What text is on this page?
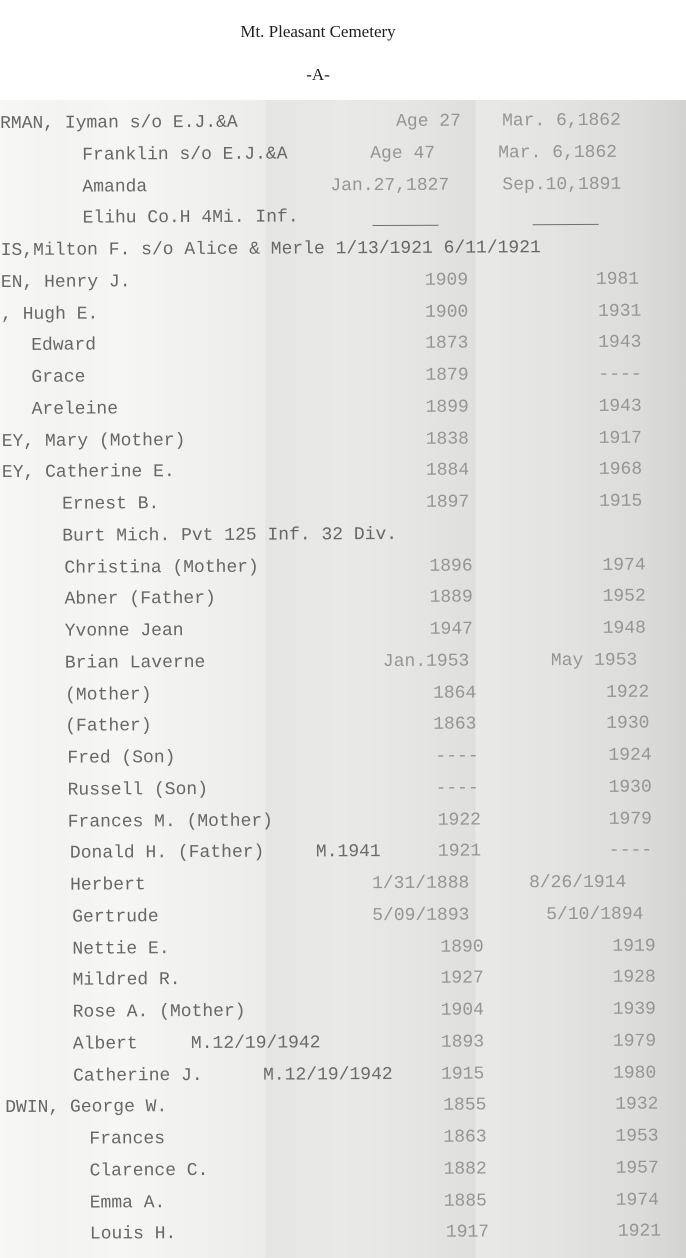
Mt. Pleasant Cemetery
-A-
RMAN, Iyman s/o E.J.&A	Age 27 Mar. 6,1862
Franklin s/o E.J.&A	Age 47	Mar. 6,1862
Amanda	Jan.27,1827	Sep.10,1891
Elihu Co.H 4Mi. Inf.
IS,Milton F. s/o Alice & Merle 1/13/1921 6/11/1921
EN, Henry J.	1909	1981
, Hugh E.	1900	1931
Edward	1873	1943
Grace	1879	----
Areleine	1899	1943
EY, Mary (Mother)	1838	1917
EY, Catherine E.	1884	1968
Ernest B.	1897	1915
Burt Mich. Pvt 125 Inf. 32 Div.
Christina (Mother)	1896	1974
Abner (Father)	1889	1952
Yvonne Jean	1947	1948
Brian Laverne	Jan.1953	May 1953
(Mother)	1864	1922
(Father)	1863	1930
Fred (Son)	----	1924
Russell (Son)	----	1930
Frances M. (Mother)	1922	1979
Donald H. (Father)	M.1941	1921	----
Herbert	1/31/1888	8/26/1914
Gertrude	5/09/1893	5/10/1894
Nettie E.	1890	1919
Mildred R.	1927	1928
Rose A. (Mother)	1904	1939
Albert	M.12/19/1942	1893	1979
Catherine J.	M.12/19/1942	1915	1980
DWIN, George W.	1855	1932
Frances	1863	1953
Clarence C.	1882	1957
Emma A.	1885	1974
Louis H.	1917	1921
